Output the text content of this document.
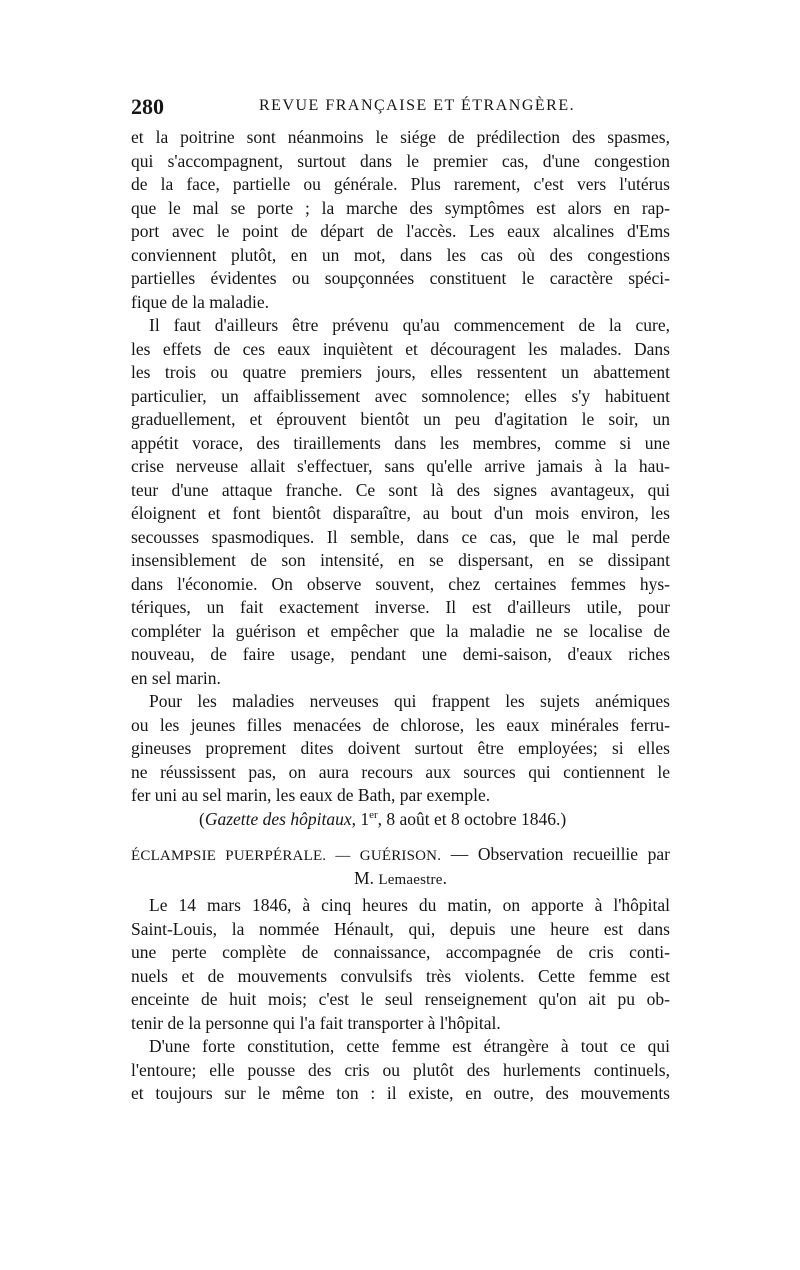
280	REVUE FRANÇAISE ET ÉTRANGÈRE.
et la poitrine sont néanmoins le siége de prédilection des spasmes,
qui s'accompagnent, surtout dans le premier cas, d'une congestion
de la face, partielle ou générale. Plus rarement, c'est vers l'utérus
que le mal se porte ; la marche des symptômes est alors en rap-
port avec le point de départ de l'accès. Les eaux alcalines d'Ems
conviennent plutôt, en un mot, dans les cas où des congestions
partielles évidentes ou soupçonnées constituent le caractère spéci-
fique de la maladie.
Il faut d'ailleurs être prévenu qu'au commencement de la cure,
les effets de ces eaux inquiètent et découragent les malades. Dans
les trois ou quatre premiers jours, elles ressentent un abattement
particulier, un affaiblissement avec somnolence; elles s'y habituent
graduellement, et éprouvent bientôt un peu d'agitation le soir, un
appétit vorace, des tiraillements dans les membres, comme si une
crise nerveuse allait s'effectuer, sans qu'elle arrive jamais à la hau-
teur d'une attaque franche. Ce sont là des signes avantageux, qui
éloignent et font bientôt disparaître, au bout d'un mois environ, les
secousses spasmodiques. Il semble, dans ce cas, que le mal perde
insensiblement de son intensité, en se dispersant, en se dissipant
dans l'économie. On observe souvent, chez certaines femmes hys-
tériques, un fait exactement inverse. Il est d'ailleurs utile, pour
compléter la guérison et empêcher que la maladie ne se localise de
nouveau, de faire usage, pendant une demi-saison, d'eaux riches
en sel marin.
Pour les maladies nerveuses qui frappent les sujets anémiques
ou les jeunes filles menacées de chlorose, les eaux minérales ferru-
gineuses proprement dites doivent surtout être employées; si elles
ne réussissent pas, on aura recours aux sources qui contiennent le
fer uni au sel marin, les eaux de Bath, par exemple.
(Gazette des hôpitaux, 1er, 8 août et 8 octobre 1846.)
ÉCLAMPSIE PUERPÉRALE. — GUÉRISON. — Observation recueillie par
M. Lemaestre.
Le 14 mars 1846, à cinq heures du matin, on apporte à l'hôpital
Saint-Louis, la nommée Hénault, qui, depuis une heure est dans
une perte complète de connaissance, accompagnée de cris conti-
nuels et de mouvements convulsifs très violents. Cette femme est
enceinte de huit mois; c'est le seul renseignement qu'on ait pu ob-
tenir de la personne qui l'a fait transporter à l'hôpital.
D'une forte constitution, cette femme est étrangère à tout ce qui
l'entoure; elle pousse des cris ou plutôt des hurlements continuels,
et toujours sur le même ton : il existe, en outre, des mouvements
